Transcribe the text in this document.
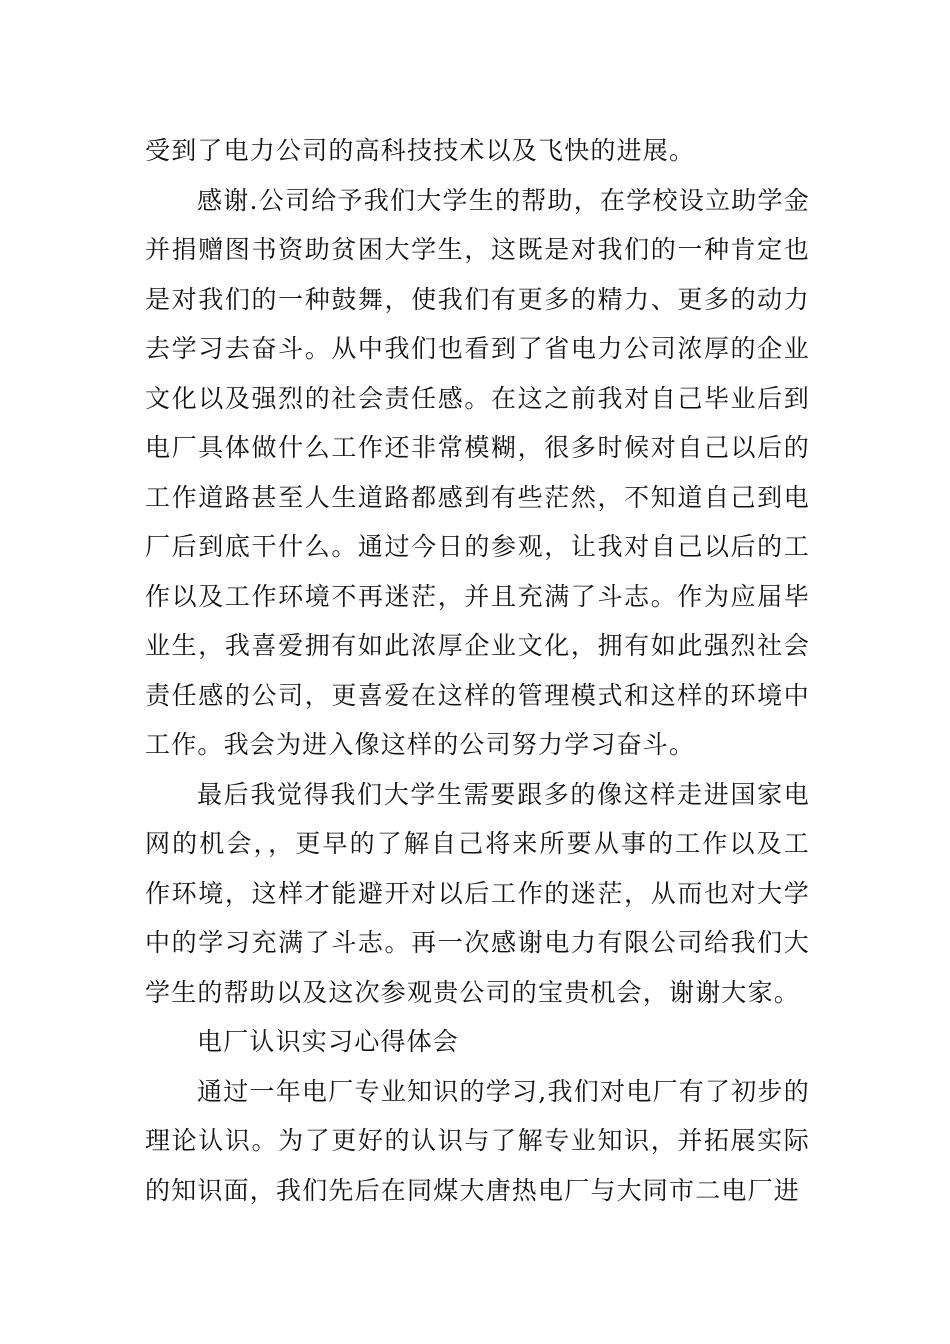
受到了电力公司的高科技技术以及飞快的进展。

感谢.公司给予我们大学生的帮助，在学校设立助学金并捐赠图书资助贫困大学生，这既是对我们的一种肯定也是对我们的一种鼓舞，使我们有更多的精力、更多的动力去学习去奋斗。从中我们也看到了省电力公司浓厚的企业文化以及强烈的社会责任感。在这之前我对自己毕业后到电厂具体做什么工作还非常模糊，很多时候对自己以后的工作道路甚至人生道路都感到有些茫然，不知道自己到电厂后到底干什么。通过今日的参观，让我对自己以后的工作以及工作环境不再迷茫，并且充满了斗志。作为应届毕业生，我喜爱拥有如此浓厚企业文化，拥有如此强烈社会责任感的公司，更喜爱在这样的管理模式和这样的环境中工作。我会为进入像这样的公司努力学习奋斗。

最后我觉得我们大学生需要跟多的像这样走进国家电网的机会，，更早的了解自己将来所要从事的工作以及工作环境，这样才能避开对以后工作的迷茫，从而也对大学中的学习充满了斗志。再一次感谢电力有限公司给我们大学生的帮助以及这次参观贵公司的宝贵机会，谢谢大家。

电厂认识实习心得体会

通过一年电厂专业知识的学习,我们对电厂有了初步的理论认识。为了更好的认识与了解专业知识，并拓展实际的知识面，我们先后在同煤大唐热电厂与大同市二电厂进
